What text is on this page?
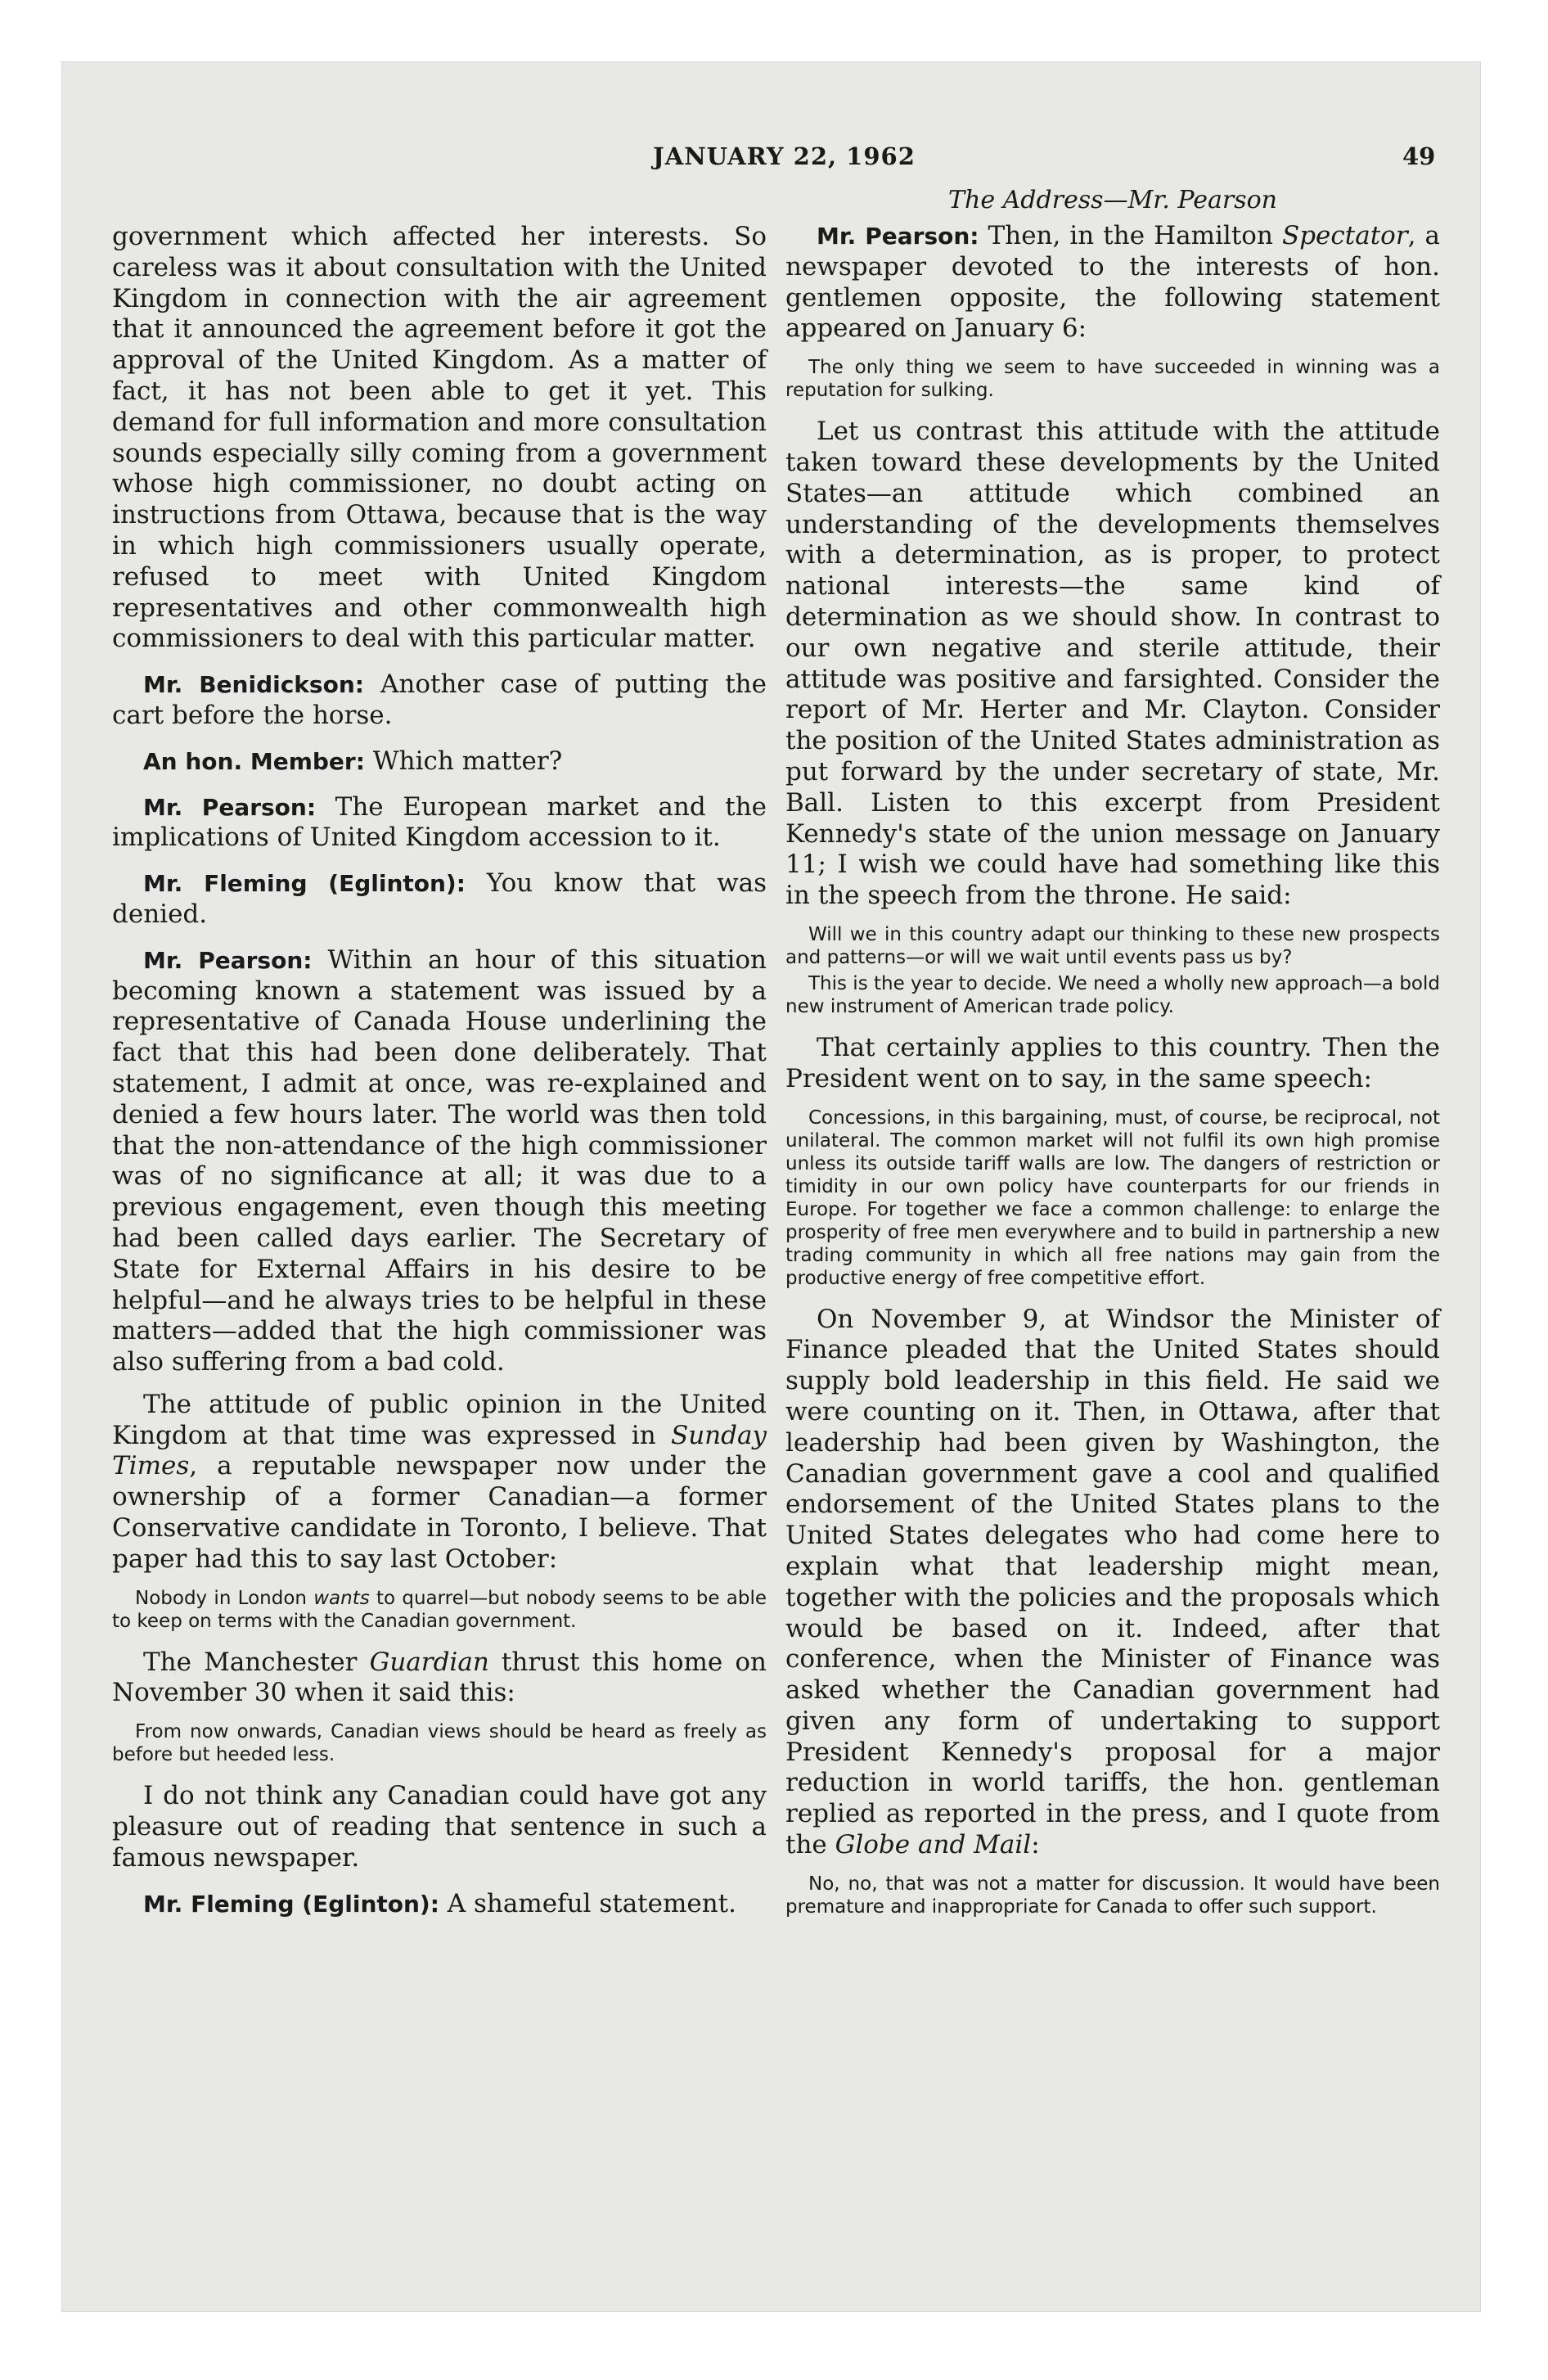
JANUARY 22, 1962	49

government which affected her interests. So careless was it about consultation with the United Kingdom in connection with the air agreement that it announced the agreement before it got the approval of the United Kingdom. As a matter of fact, it has not been able to get it yet. This demand for full information and more consultation sounds especially silly coming from a government whose high commissioner, no doubt acting on instructions from Ottawa, because that is the way in which high commissioners usually operate, refused to meet with United Kingdom representatives and other commonwealth high commissioners to deal with this particular matter.

Mr. Benidickson: Another case of putting the cart before the horse.

An hon. Member: Which matter?

Mr. Pearson: The European market and the implications of United Kingdom accession to it.

Mr. Fleming (Eglinton): You know that was denied.

Mr. Pearson: Within an hour of this situation becoming known a statement was issued by a representative of Canada House underlining the fact that this had been done deliberately. That statement, I admit at once, was re-explained and denied a few hours later. The world was then told that the non-attendance of the high commissioner was of no significance at all; it was due to a previous engagement, even though this meeting had been called days earlier. The Secretary of State for External Affairs in his desire to be helpful—and he always tries to be helpful in these matters—added that the high commissioner was also suffering from a bad cold.

The attitude of public opinion in the United Kingdom at that time was expressed in Sunday Times, a reputable newspaper now under the ownership of a former Canadian—a former Conservative candidate in Toronto, I believe. That paper had this to say last October:

Nobody in London wants to quarrel—but nobody seems to be able to keep on terms with the Canadian government.

The Manchester Guardian thrust this home on November 30 when it said this:

From now onwards, Canadian views should be heard as freely as before but heeded less.

I do not think any Canadian could have got any pleasure out of reading that sentence in such a famous newspaper.

Mr. Fleming (Eglinton): A shameful statement.

The Address—Mr. Pearson

Mr. Pearson: Then, in the Hamilton Spectator, a newspaper devoted to the interests of hon. gentlemen opposite, the following statement appeared on January 6:

The only thing we seem to have succeeded in winning was a reputation for sulking.

Let us contrast this attitude with the attitude taken toward these developments by the United States—an attitude which combined an understanding of the developments themselves with a determination, as is proper, to protect national interests—the same kind of determination as we should show. In contrast to our own negative and sterile attitude, their attitude was positive and farsighted. Consider the report of Mr. Herter and Mr. Clayton. Consider the position of the United States administration as put forward by the under secretary of state, Mr. Ball. Listen to this excerpt from President Kennedy's state of the union message on January 11; I wish we could have had something like this in the speech from the throne. He said:

Will we in this country adapt our thinking to these new prospects and patterns—or will we wait until events pass us by?

This is the year to decide. We need a wholly new approach—a bold new instrument of American trade policy.

That certainly applies to this country. Then the President went on to say, in the same speech:

Concessions, in this bargaining, must, of course, be reciprocal, not unilateral. The common market will not fulfil its own high promise unless its outside tariff walls are low. The dangers of restriction or timidity in our own policy have counterparts for our friends in Europe. For together we face a common challenge: to enlarge the prosperity of free men everywhere and to build in partnership a new trading community in which all free nations may gain from the productive energy of free competitive effort.

On November 9, at Windsor the Minister of Finance pleaded that the United States should supply bold leadership in this field. He said we were counting on it. Then, in Ottawa, after that leadership had been given by Washington, the Canadian government gave a cool and qualified endorsement of the United States plans to the United States delegates who had come here to explain what that leadership might mean, together with the policies and the proposals which would be based on it. Indeed, after that conference, when the Minister of Finance was asked whether the Canadian government had given any form of undertaking to support President Kennedy's proposal for a major reduction in world tariffs, the hon. gentleman replied as reported in the press, and I quote from the Globe and Mail:

No, no, that was not a matter for discussion. It would have been premature and inappropriate for Canada to offer such support.
